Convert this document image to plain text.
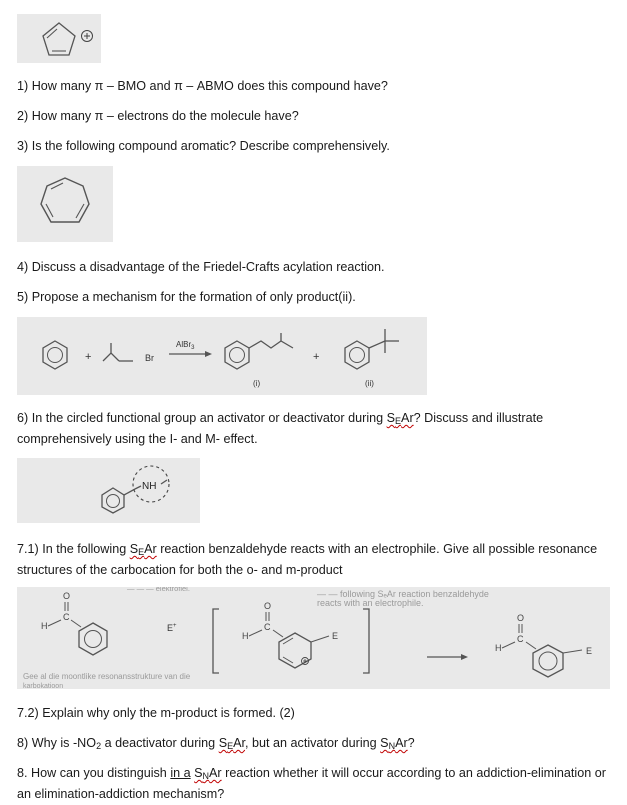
1) How many π – BMO and π – ABMO does this compound have?
2) How many π – electrons do the molecule have?
3) Is the following compound aromatic? Describe comprehensively.
4) Discuss a disadvantage of the Friedel-Crafts acylation reaction.
5) Propose a mechanism for the formation of only product(ii).
+	Br
AlBr$_3$
(i)
+
(ii)
6) In the circled functional group an activator or deactivator during $S_EAr$? Discuss and illustrate comprehensively using the I- and M- effect.
NH
7.1) In the following $S_EAr$ reaction benzaldehyde reacts with an electrophile. Give all possible resonance structures of the carbocation for both the o- and m-product
— — — elektrofiel.
— — following SₑAr reaction benzaldehyde
reacts with an electrophile.
O
C
H	E+
O
C
H	E
O
C
H	E
Gee al die moontlike resonansstrukture van die
karbokatioon
7.2) Explain why only the m-product is formed. (2)
8) Why is $-NO_2$ a deactivator during $S_EAr$, but an activator during $S_NAr$?
8. How can you distinguish in a $S_NAr$ reaction whether it will occur according to an addiction-elimination or an elimination-addiction mechanism?
